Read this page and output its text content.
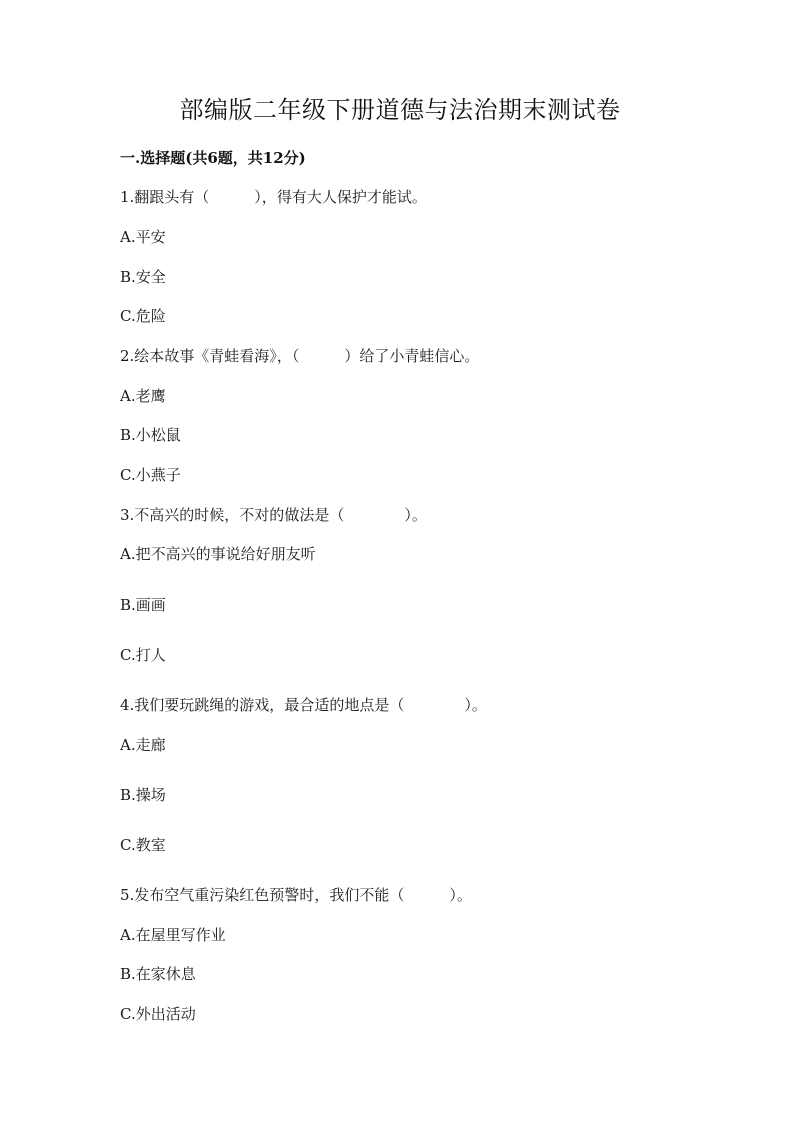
部编版二年级下册道德与法治期末测试卷
一.选择题(共6题，共12分)
1.翻跟头有（　　　），得有大人保护才能试。
A.平安
B.安全
C.危险
2.绘本故事《青蛙看海》，（　　　）给了小青蛙信心。
A.老鹰
B.小松鼠
C.小燕子
3.不高兴的时候，不对的做法是（　　　　）。
A.把不高兴的事说给好朋友听
B.画画
C.打人
4.我们要玩跳绳的游戏，最合适的地点是（　　　　）。
A.走廊
B.操场
C.教室
5.发布空气重污染红色预警时，我们不能（　　　）。
A.在屋里写作业
B.在家休息
C.外出活动
